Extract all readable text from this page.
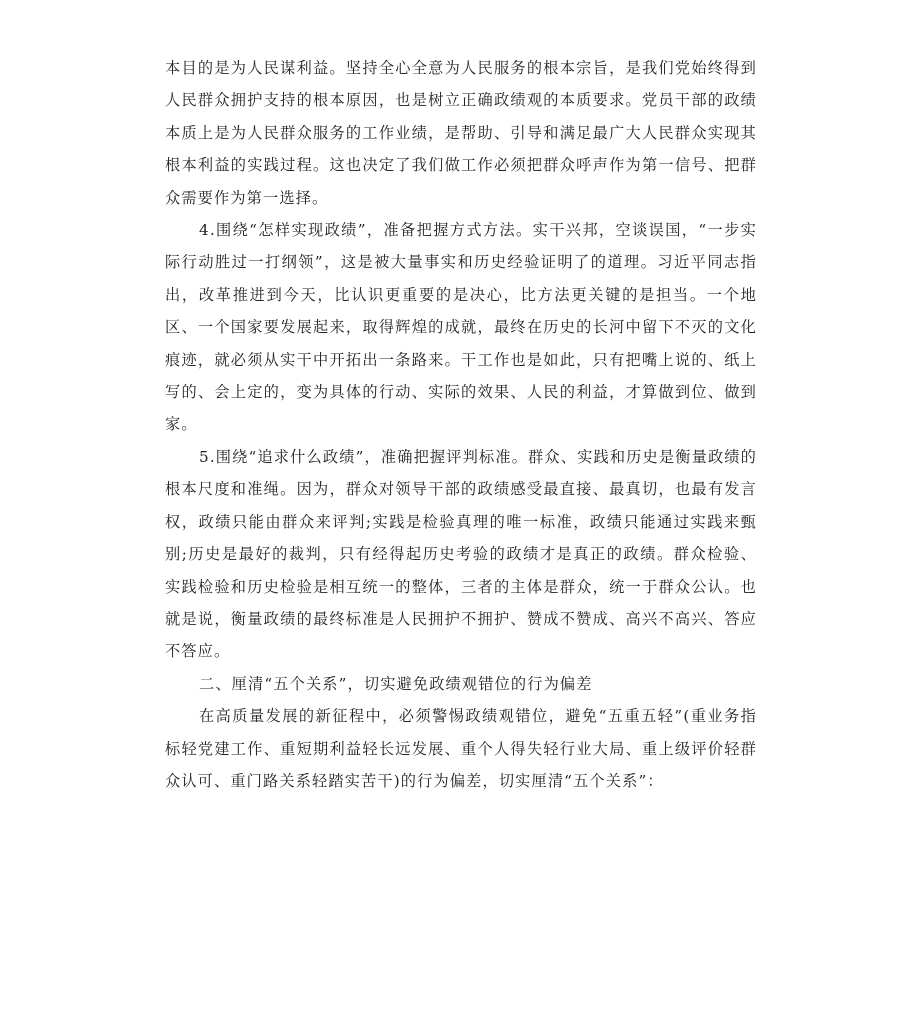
本目的是为人民谋利益。坚持全心全意为人民服务的根本宗旨，是我们党始终得到人民群众拥护支持的根本原因，也是树立正确政绩观的本质要求。党员干部的政绩本质上是为人民群众服务的工作业绩，是帮助、引导和满足最广大人民群众实现其根本利益的实践过程。这也决定了我们做工作必须把群众呼声作为第一信号、把群众需要作为第一选择。

4.围绕“怎样实现政绩”，准备把握方式方法。实干兴邦，空谈误国，“一步实际行动胜过一打纲领”，这是被大量事实和历史经验证明了的道理。习近平同志指出，改革推进到今天，比认识更重要的是决心，比方法更关键的是担当。一个地区、一个国家要发展起来，取得辉煌的成就，最终在历史的长河中留下不灭的文化痕迹，就必须从实干中开拓出一条路来。干工作也是如此，只有把嘴上说的、纸上写的、会上定的，变为具体的行动、实际的效果、人民的利益，才算做到位、做到家。

5.围绕“追求什么政绩”，准确把握评判标准。群众、实践和历史是衡量政绩的根本尺度和准绳。因为，群众对领导干部的政绩感受最直接、最真切，也最有发言权，政绩只能由群众来评判;实践是检验真理的唯一标准，政绩只能通过实践来甄别;历史是最好的裁判，只有经得起历史考验的政绩才是真正的政绩。群众检验、实践检验和历史检验是相互统一的整体，三者的主体是群众，统一于群众公认。也就是说，衡量政绩的最终标准是人民拥护不拥护、赞成不赞成、高兴不高兴、答应不答应。

二、厘清“五个关系”，切实避免政绩观错位的行为偏差

在高质量发展的新征程中，必须警惕政绩观错位，避免“五重五轻”(重业务指标轻党建工作、重短期利益轻长远发展、重个人得失轻行业大局、重上级评价轻群众认可、重门路关系轻踏实苦干)的行为偏差，切实厘清“五个关系”：
